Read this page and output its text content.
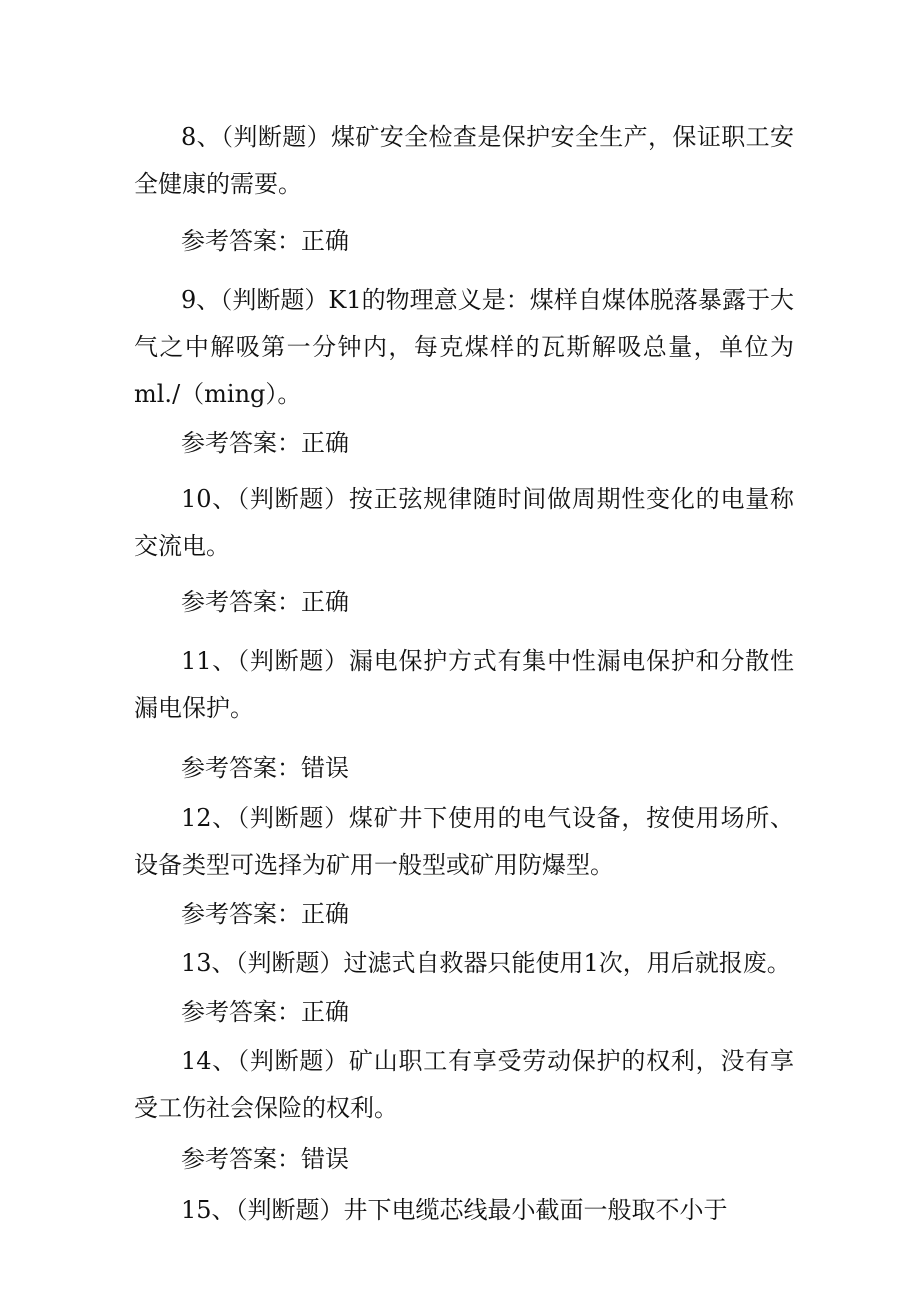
8、（判断题）煤矿安全检查是保护安全生产，保证职工安全健康的需要。

参考答案：正确

9、（判断题）K1的物理意义是：煤样自煤体脱落暴露于大气之中解吸第一分钟内，每克煤样的瓦斯解吸总量，单位为ml./（ming）。

参考答案：正确

10、（判断题）按正弦规律随时间做周期性变化的电量称交流电。

参考答案：正确

11、（判断题）漏电保护方式有集中性漏电保护和分散性漏电保护。

参考答案：错误

12、（判断题）煤矿井下使用的电气设备，按使用场所、设备类型可选择为矿用一般型或矿用防爆型。

参考答案：正确

13、（判断题）过滤式自救器只能使用1次，用后就报废。

参考答案：正确

14、（判断题）矿山职工有享受劳动保护的权利，没有享受工伤社会保险的权利。

参考答案：错误

15、（判断题）井下电缆芯线最小截面一般取不小于
